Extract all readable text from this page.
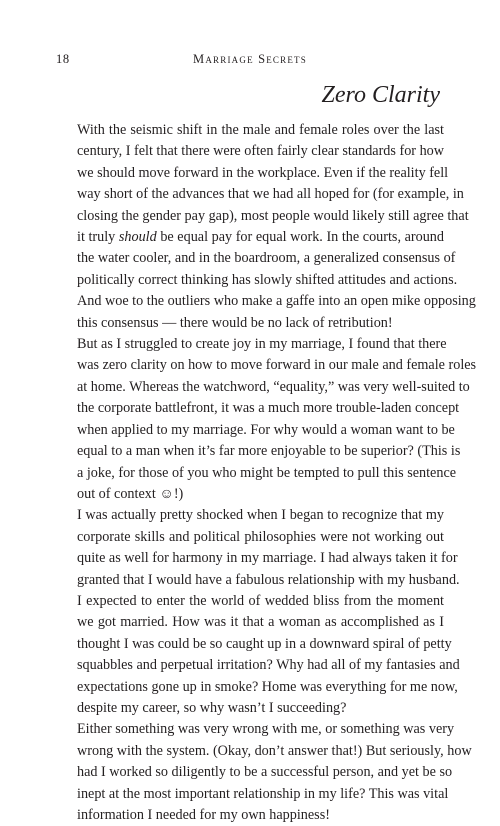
18	Marriage Secrets
Zero Clarity

With the seismic shift in the male and female roles over the last
century, I felt that there were often fairly clear standards for how
we should move forward in the workplace. Even if the reality fell
way short of the advances that we had all hoped for (for example, in
closing the gender pay gap), most people would likely still agree that
it truly should be equal pay for equal work. In the courts, around
the water cooler, and in the boardroom, a generalized consensus of
politically correct thinking has slowly shifted attitudes and actions.
And woe to the outliers who make a gaffe into an open mike opposing
this consensus — there would be no lack of retribution!

But as I struggled to create joy in my marriage, I found that there
was zero clarity on how to move forward in our male and female roles
at home. Whereas the watchword, “equality,” was very well-suited to
the corporate battlefront, it was a much more trouble-laden concept
when applied to my marriage. For why would a woman want to be
equal to a man when it’s far more enjoyable to be superior? (This is
a joke, for those of you who might be tempted to pull this sentence
out of context ☺!)

I was actually pretty shocked when I began to recognize that my
corporate skills and political philosophies were not working out
quite as well for harmony in my marriage. I had always taken it for
granted that I would have a fabulous relationship with my husband.
I expected to enter the world of wedded bliss from the moment
we got married. How was it that a woman as accomplished as I
thought I was could be so caught up in a downward spiral of petty
squabbles and perpetual irritation? Why had all of my fantasies and
expectations gone up in smoke? Home was everything for me now,
despite my career, so why wasn’t I succeeding?

Either something was very wrong with me, or something was very
wrong with the system. (Okay, don’t answer that!) But seriously, how
had I worked so diligently to be a successful person, and yet be so
inept at the most important relationship in my life? This was vital
information I needed for my own happiness!
